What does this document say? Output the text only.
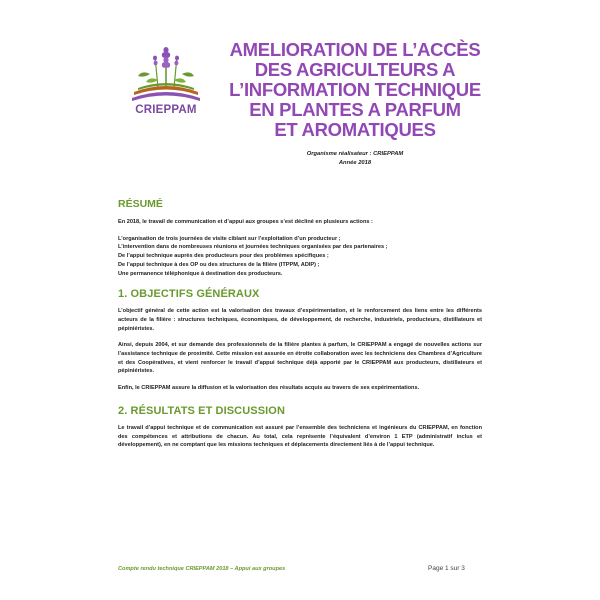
CRIEPPAM
AMELIORATION DE L’ACCÈS
DES AGRICULTEURS A
L’INFORMATION TECHNIQUE
EN PLANTES A PARFUM
ET AROMATIQUES
Organisme réalisateur : CRIEPPAM
Année 2018
RÉSUMÉ

En 2018, le travail de communication et d’appui aux groupes s’est décliné en plusieurs actions :

L’organisation de trois journées de visite ciblant sur l’exploitation d’un producteur ;

L’intervention dans de nombreuses réunions et journées techniques organisées par des partenaires ;

De l’appui technique auprès des producteurs pour des problèmes spécifiques ;

De l’appui technique à des OP ou des structures de la filière (ITPPM, ADIP) ;

Une permanence téléphonique à destination des producteurs.

1. OBJECTIFS GÉNÉRAUX

L’objectif général de cette action est la valorisation des travaux d’expérimentation, et le renforcement des liens entre les différents acteurs de la filière : structures techniques, économiques, de développement, de recherche, industriels, producteurs, distillateurs et pépiniéristes.

Ainsi, depuis 2004, et sur demande des professionnels de la filière plantes à parfum, le CRIEPPAM a engagé de nouvelles actions sur l’assistance technique de proximité. Cette mission est assurée en étroite collaboration avec les techniciens des Chambres d’Agriculture et des Coopératives, et vient renforcer le travail d’appui technique déjà apporté par le CRIEPPAM aux producteurs, distillateurs et pépiniéristes.

Enfin, le CRIEPPAM assure la diffusion et la valorisation des résultats acquis au travers de ses expérimentations.

2. RÉSULTATS ET DISCUSSION

Le travail d’appui technique et de communication est assuré par l’ensemble des techniciens et ingénieurs du CRIEPPAM, en fonction des compétences et attributions de chacun. Au total, cela représente l’équivalent d’environ 1 ETP (administratif inclus et développement), en ne comptant que les missions techniques et déplacements directement liés à de l’appui technique.

Compte rendu technique CRIEPPAM 2018 – Appui aux groupes	Page 1 sur 3
